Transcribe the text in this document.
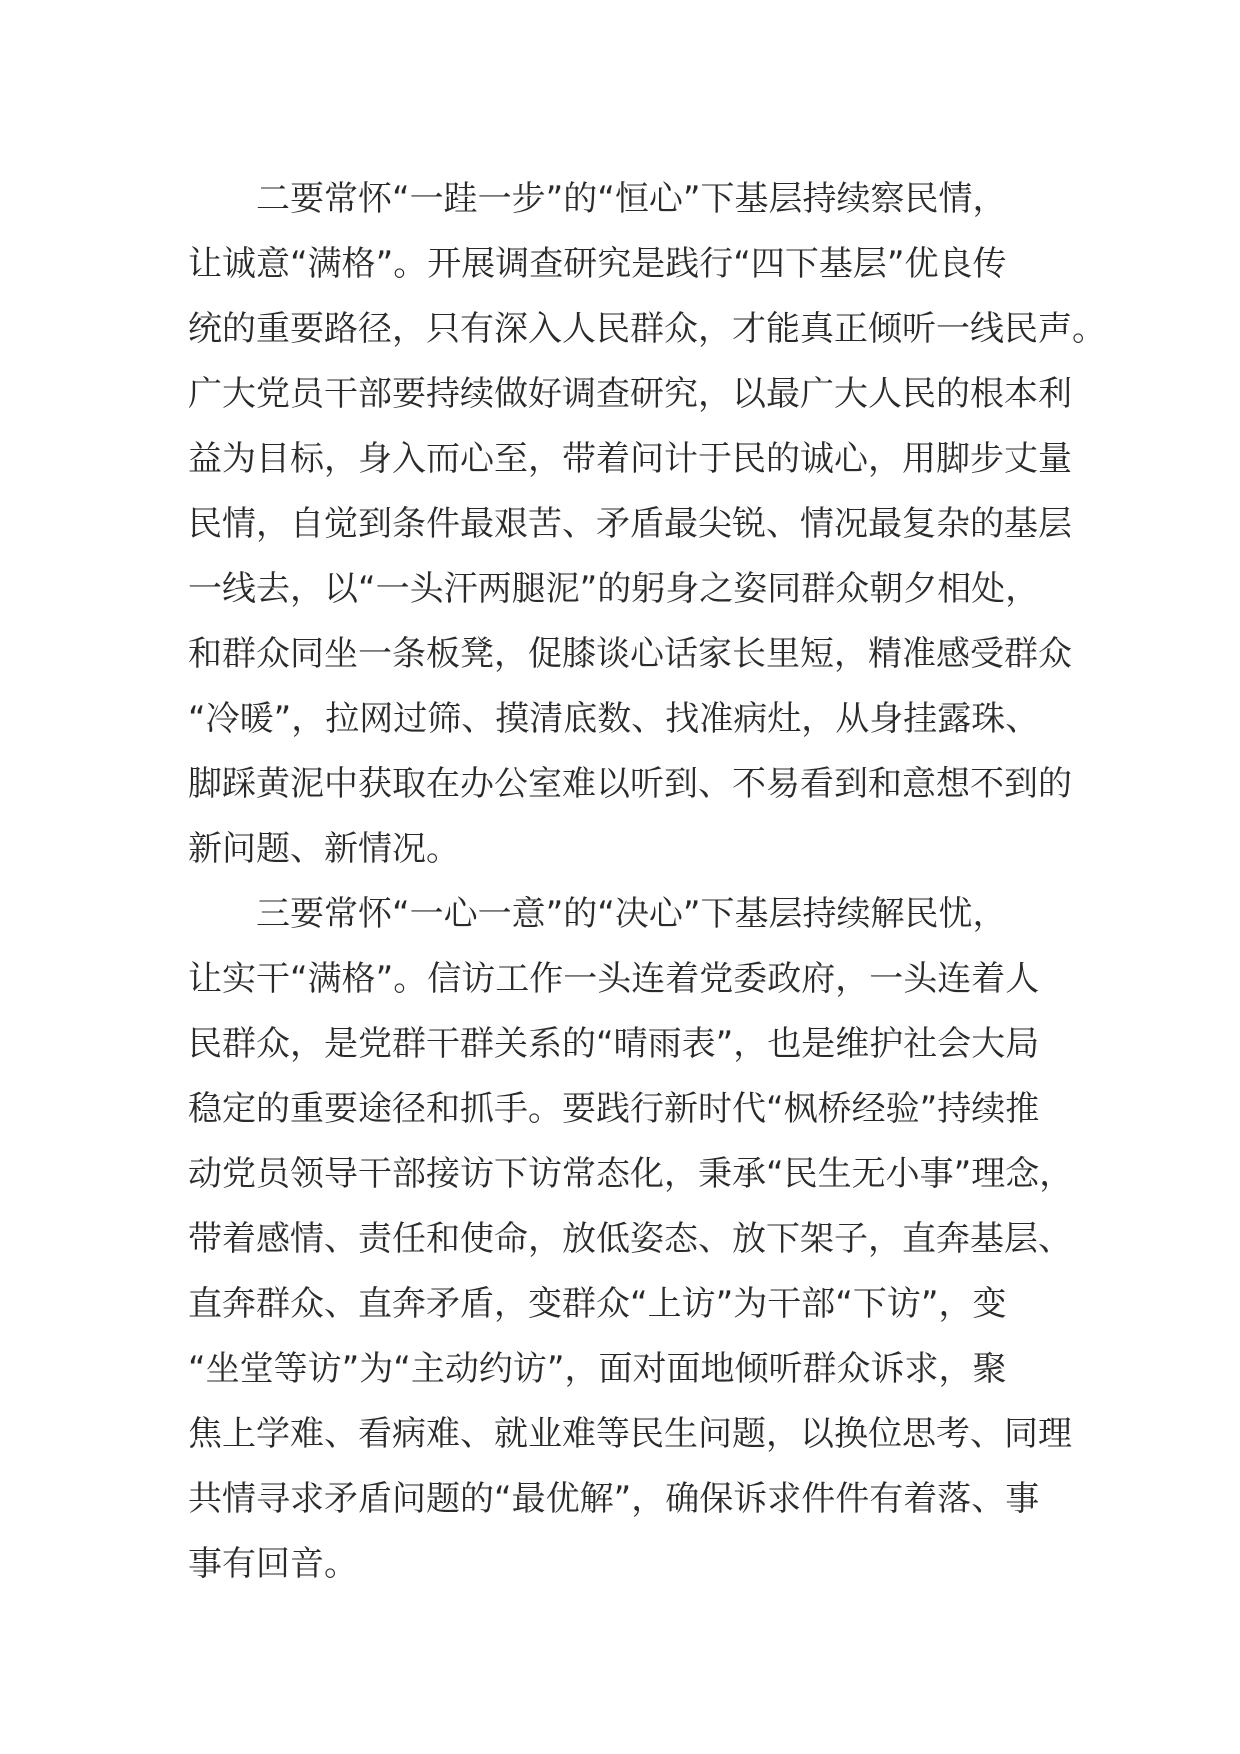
二要常怀“一跬一步”的“恒心”下基层持续察民情，
让诚意“满格”。开展调查研究是践行“四下基层”优良传
统的重要路径，只有深入人民群众，才能真正倾听一线民声。
广大党员干部要持续做好调查研究，以最广大人民的根本利
益为目标，身入而心至，带着问计于民的诚心，用脚步丈量
民情，自觉到条件最艰苦、矛盾最尖锐、情况最复杂的基层
一线去，以“一头汗两腿泥”的躬身之姿同群众朝夕相处，
和群众同坐一条板凳，促膝谈心话家长里短，精准感受群众
“冷暖”，拉网过筛、摸清底数、找准病灶，从身挂露珠、
脚踩黄泥中获取在办公室难以听到、不易看到和意想不到的
新问题、新情况。
三要常怀“一心一意”的“决心”下基层持续解民忧，
让实干“满格”。信访工作一头连着党委政府，一头连着人
民群众，是党群干群关系的“晴雨表”，也是维护社会大局
稳定的重要途径和抓手。要践行新时代“枫桥经验”持续推
动党员领导干部接访下访常态化，秉承“民生无小事”理念，
带着感情、责任和使命，放低姿态、放下架子，直奔基层、
直奔群众、直奔矛盾，变群众“上访”为干部“下访”，变
“坐堂等访”为“主动约访”，面对面地倾听群众诉求，聚
焦上学难、看病难、就业难等民生问题，以换位思考、同理
共情寻求矛盾问题的“最优解”，确保诉求件件有着落、事
事有回音。
